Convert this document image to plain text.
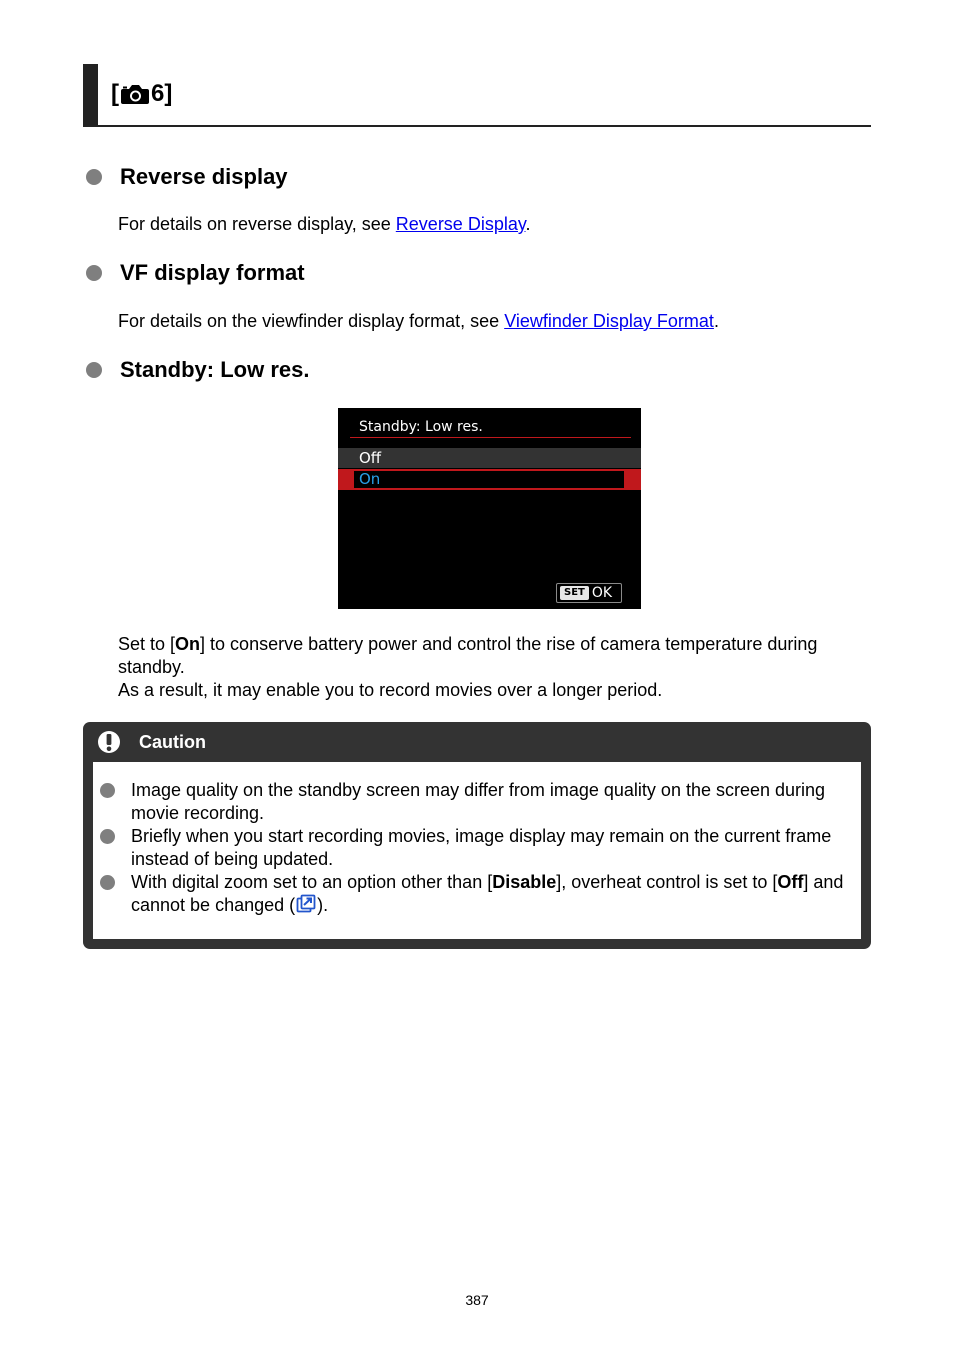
[ 6 ]
Reverse display
For details on reverse display, see Reverse Display.
VF display format
For details on the viewfinder display format, see Viewfinder Display Format.
Standby: Low res.
Standby: Low res.
Off
On
SET OK
Set to [On] to conserve battery power and control the rise of camera temperature during standby.
As a result, it may enable you to record movies over a longer period.
Caution
Image quality on the standby screen may differ from image quality on the screen during movie recording.
Briefly when you start recording movies, image display may remain on the current frame instead of being updated.
With digital zoom set to an option other than [Disable], overheat control is set to [Off] and cannot be changed ( ).
387
